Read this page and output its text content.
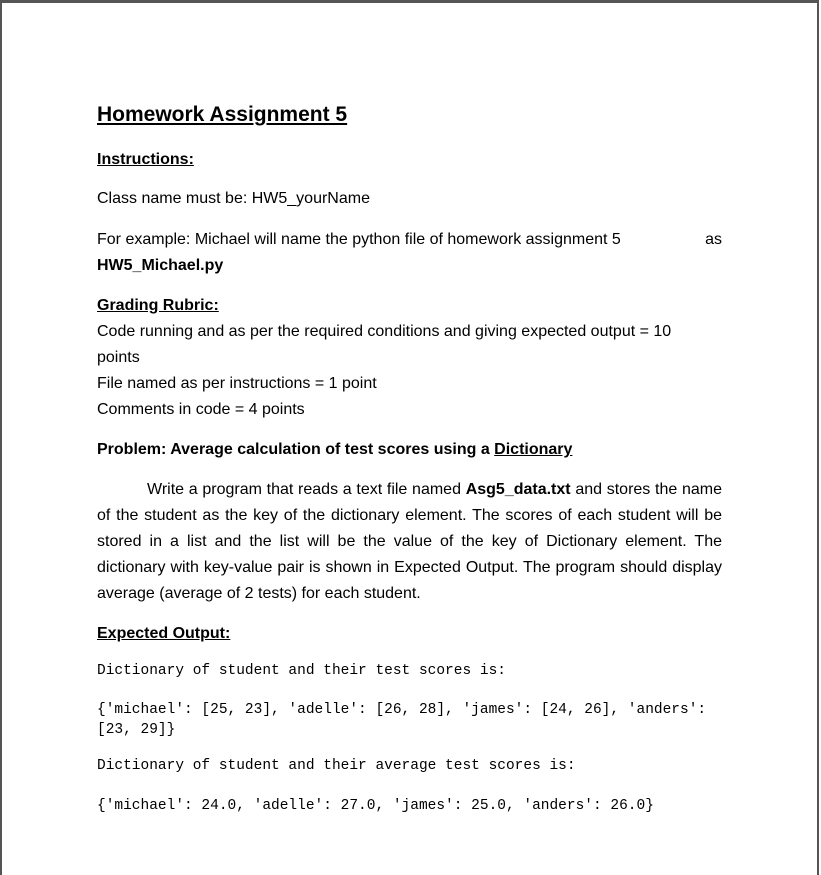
Homework Assignment 5
Instructions:
Class name must be: HW5_yourName
For example: Michael will name the python file of homework assignment 5	as
HW5_Michael.py
Grading Rubric:
Code running and as per the required conditions and giving expected output = 10
points
File named as per instructions = 1 point
Comments in code = 4 points
Problem: Average calculation of test scores using a Dictionary
Write a program that reads a text file named Asg5_data.txt and stores the name of the student as the key of the dictionary element. The scores of each student will be stored in a list and the list will be the value of the key of Dictionary element. The dictionary with key-value pair is shown in Expected Output. The program should display average (average of 2 tests) for each student.
Expected Output:
Dictionary of student and their test scores is:
{'michael': [25, 23], 'adelle': [26, 28], 'james': [24, 26], 'anders':
[23, 29]}
Dictionary of student and their average test scores is:
{'michael': 24.0, 'adelle': 27.0, 'james': 25.0, 'anders': 26.0}
